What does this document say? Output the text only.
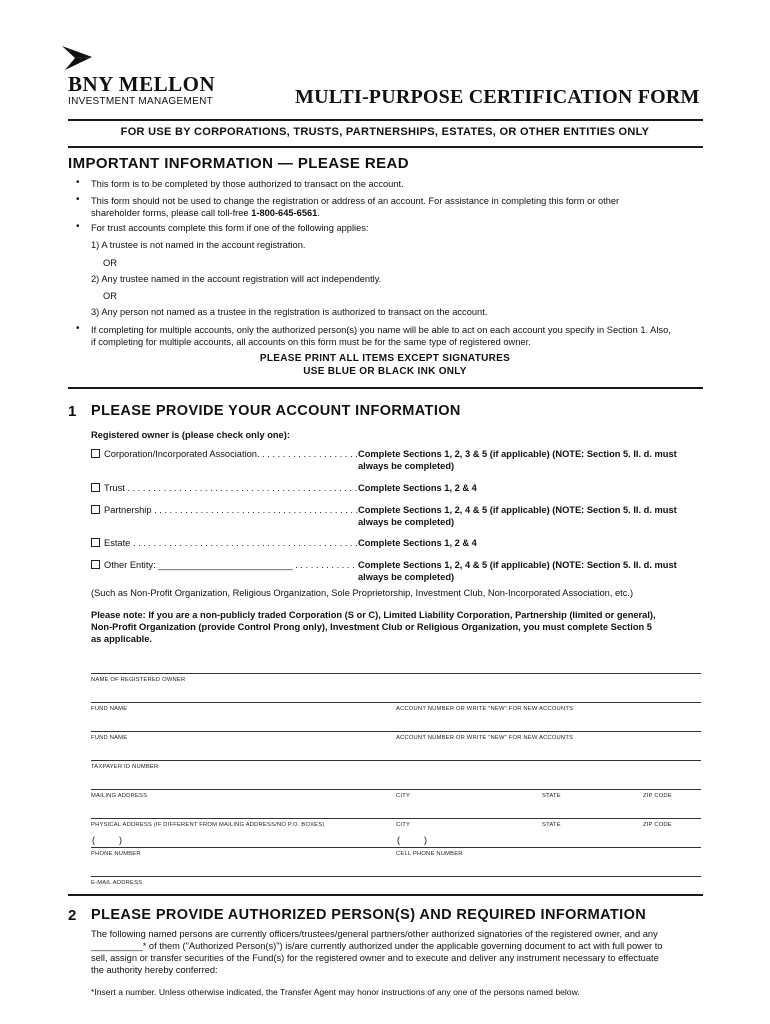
BNY MELLON
INVESTMENT MANAGEMENT	MULTI-PURPOSE CERTIFICATION FORM
FOR USE BY CORPORATIONS, TRUSTS, PARTNERSHIPS, ESTATES, OR OTHER ENTITIES ONLY
IMPORTANT INFORMATION — PLEASE READ
• This form is to be completed by those authorized to transact on the account.
• This form should not be used to change the registration or address of an account. For assistance in completing this form or other
shareholder forms, please call toll-free 1-800-645-6561.
• For trust accounts complete this form if one of the following applies:
1) A trustee is not named in the account registration.
OR
2) Any trustee named in the account registration will act independently.
OR
3) Any person not named as a trustee in the registration is authorized to transact on the account.
• If completing for multiple accounts, only the authorized person(s) you name will be able to act on each account you specify in Section 1. Also,
if completing for multiple accounts, all accounts on this form must be for the same type of registered owner.
PLEASE PRINT ALL ITEMS EXCEPT SIGNATURES
USE BLUE OR BLACK INK ONLY
1 PLEASE PROVIDE YOUR ACCOUNT INFORMATION
Registered owner is (please check only one):
Corporation/Incorporated Association. . . . . . . . . . . . . . . . . . . . Complete Sections 1, 2, 3 & 5 (if applicable) (NOTE: Section 5. II. d. must
always be completed)
Trust . . . . . . . . . . . . . . . . . . . . . . . . . . . . . . . . . . . . . . . . . . . . . . . . .
Complete Sections 1, 2 & 4
Partnership . . . . . . . . . . . . . . . . . . . . . . . . . . . . . . . . . . . . . . . . . . . .
Complete Sections 1, 2, 4 & 5 (if applicable) (NOTE: Section 5. II. d. must
always be completed)
Estate . . . . . . . . . . . . . . . . . . . . . . . . . . . . . . . . . . . . . . . . . . . . . . . .
Complete Sections 1, 2 & 4
Other Entity: __________________________ . . . . . . . . . . . . Complete Sections 1, 2, 4 & 5 (if applicable) (NOTE: Section 5. II. d. must
always be completed)
(Such as Non-Profit Organization, Religious Organization, Sole Proprietorship, Investment Club, Non-Incorporated Association, etc.)
Please note: If you are a non-publicly traded Corporation (S or C), Limited Liability Corporation, Partnership (limited or general),
Non-Profit Organization (provide Control Prong only), Investment Club or Religious Organization, you must complete Section 5
as applicable.
NAME OF REGISTERED OWNER
FUND NAME	ACCOUNT NUMBER OR WRITE "NEW" FOR NEW ACCOUNTS
FUND NAME	ACCOUNT NUMBER OR WRITE "NEW" FOR NEW ACCOUNTS
TAXPAYER ID NUMBER
MAILING ADDRESS	CITY	STATE	ZIP CODE
PHYSICAL ADDRESS (IF DIFFERENT FROM MAILING ADDRESS/NO P.O. BOXES)	CITY	STATE	ZIP CODE
(	)	(	)
PHONE NUMBER	CELL PHONE NUMBER
E-MAIL ADDRESS
2 PLEASE PROVIDE AUTHORIZED PERSON(S) AND REQUIRED INFORMATION
The following named persons are currently officers/trustees/general partners/other authorized signatories of the registered owner, and any
__________* of them ("Authorized Person(s)") is/are currently authorized under the applicable governing document to act with full power to
sell, assign or transfer securities of the Fund(s) for the registered owner and to execute and deliver any instrument necessary to effectuate
the authority hereby conferred:
*Insert a number. Unless otherwise indicated, the Transfer Agent may honor instructions of any one of the persons named below.
